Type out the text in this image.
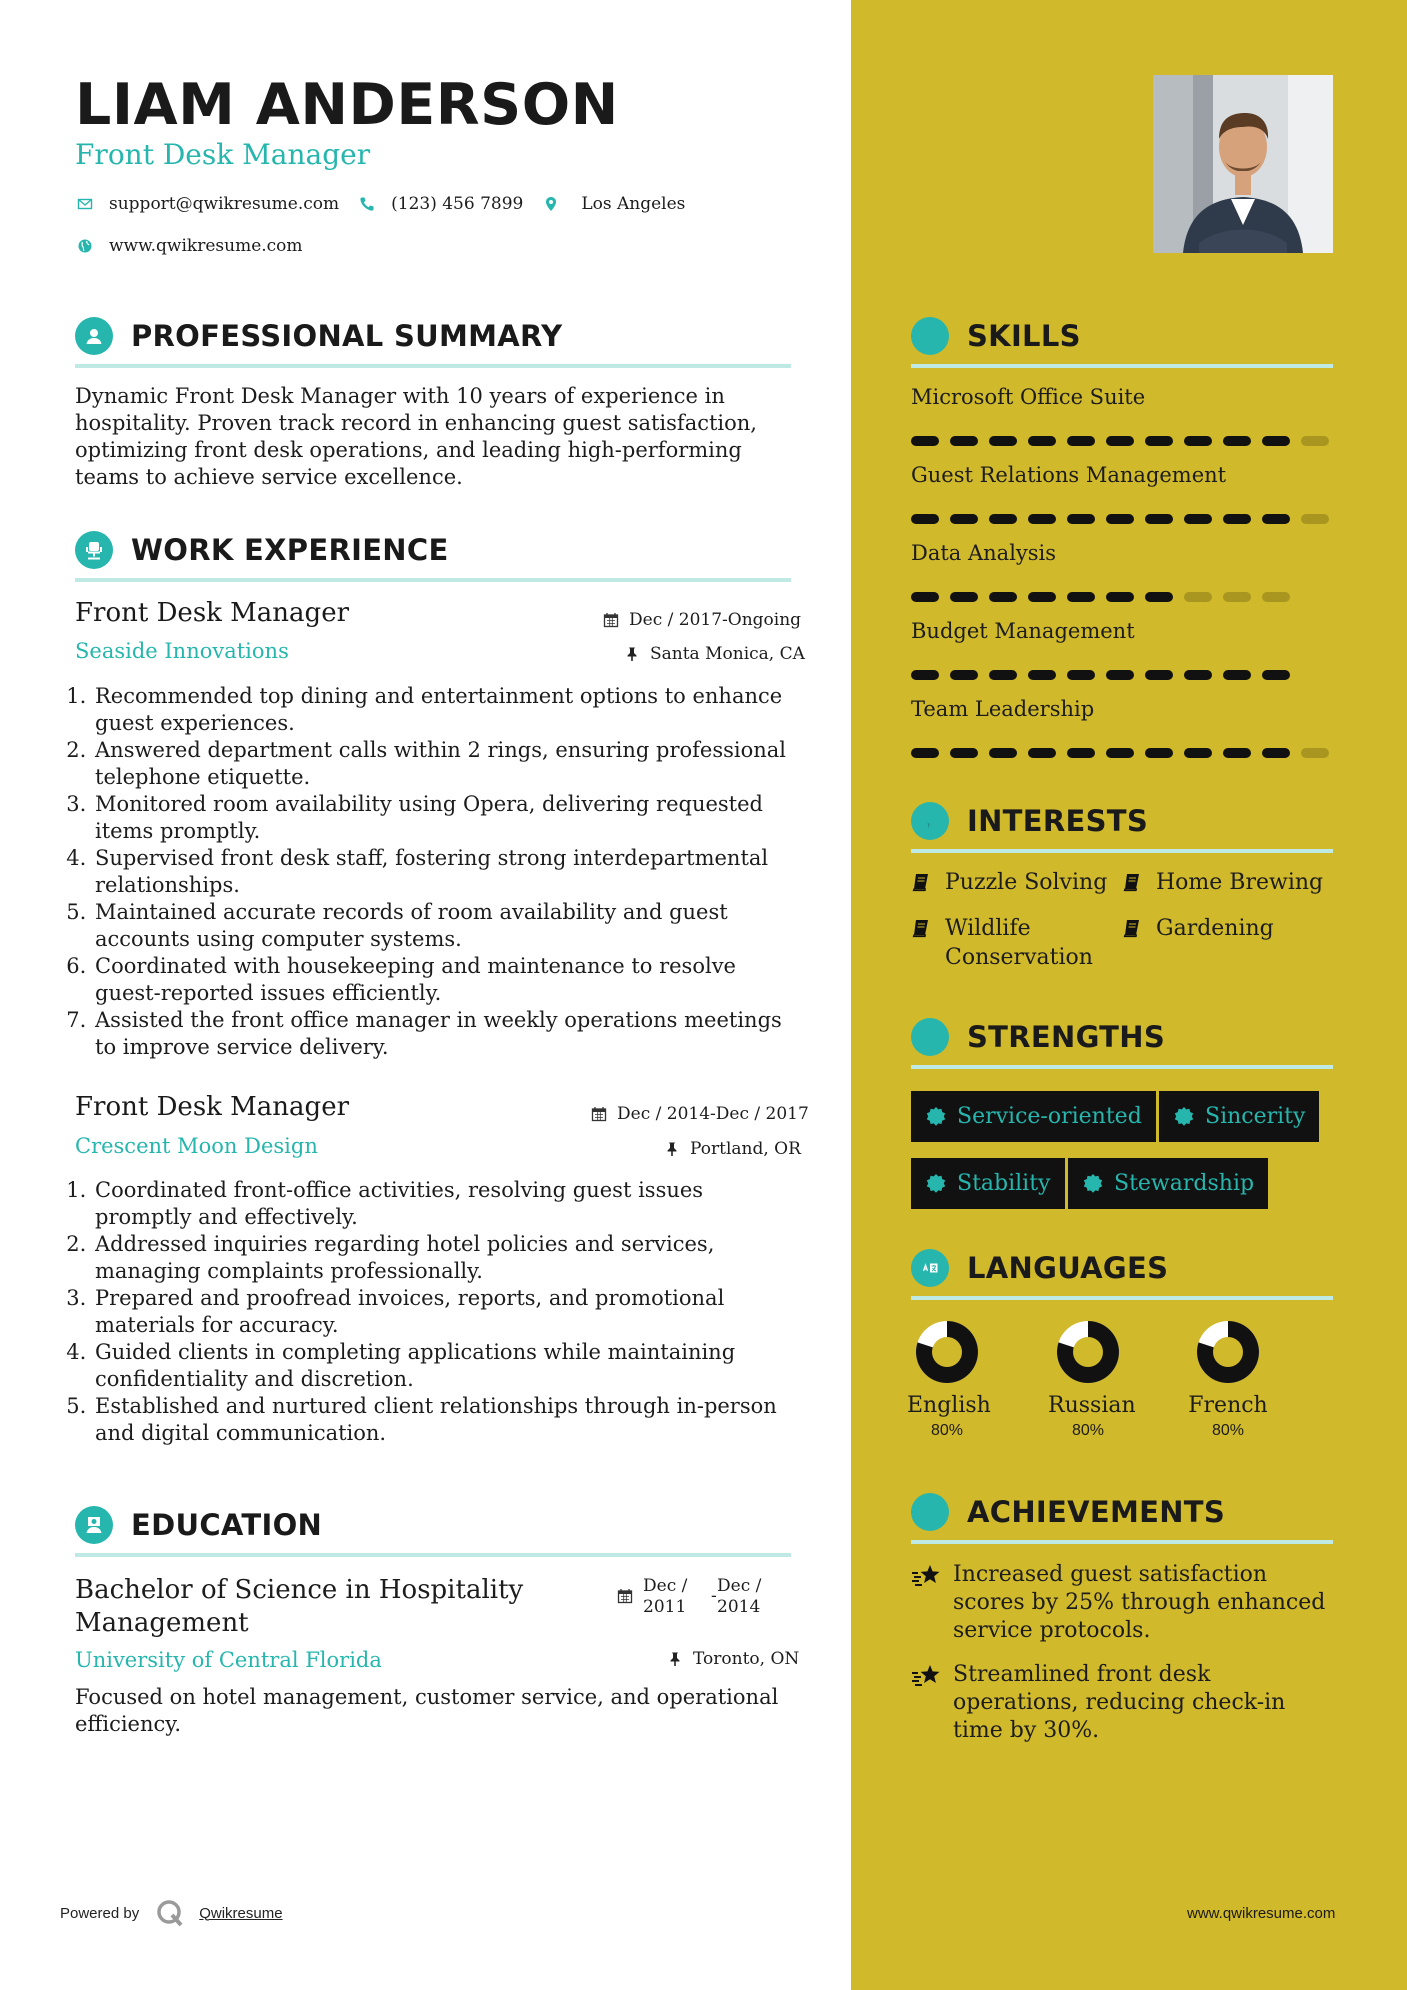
LIAM ANDERSON
Front Desk Manager
support@qwikresume.com	(123) 456 7899	Los Angeles
www.qwikresume.com
PROFESSIONAL SUMMARY
Dynamic Front Desk Manager with 10 years of experience in hospitality. Proven track record in enhancing guest satisfaction, optimizing front desk operations, and leading high-performing teams to achieve service excellence.
WORK EXPERIENCE
Front Desk Manager	Dec / 2017-Ongoing
Seaside Innovations	Santa Monica, CA
1. Recommended top dining and entertainment options to enhance guest experiences.
2. Answered department calls within 2 rings, ensuring professional telephone etiquette.
3. Monitored room availability using Opera, delivering requested items promptly.
4. Supervised front desk staff, fostering strong interdepartmental relationships.
5. Maintained accurate records of room availability and guest accounts using computer systems.
6. Coordinated with housekeeping and maintenance to resolve guest-reported issues efficiently.
7. Assisted the front office manager in weekly operations meetings to improve service delivery.
Front Desk Manager	Dec / 2014-Dec / 2017
Crescent Moon Design	Portland, OR
1. Coordinated front-office activities, resolving guest issues promptly and effectively.
2. Addressed inquiries regarding hotel policies and services, managing complaints professionally.
3. Prepared and proofread invoices, reports, and promotional materials for accuracy.
4. Guided clients in completing applications while maintaining confidentiality and discretion.
5. Established and nurtured client relationships through in-person and digital communication.
EDUCATION
Bachelor of Science in Hospitality Management
Dec / 2011
- Dec / 2014
University of Central Florida	Toronto, ON
Focused on hotel management, customer service, and operational efficiency.
Powered by	Qwikresume
SKILLS
Microsoft Office Suite
Guest Relations Management
Data Analysis
Budget Management
Team Leadership
INTERESTS
Puzzle Solving Home Brewing
Wildlife Conservation
Gardening
STRENGTHS
Service-oriented	Sincerity
Stability	Stewardship
LANGUAGES
English
80%
Russian
80%
French
80%
ACHIEVEMENTS
Increased guest satisfaction scores by 25% through enhanced service protocols.
Streamlined front desk operations, reducing check-in time by 30%.
www.qwikresume.com
